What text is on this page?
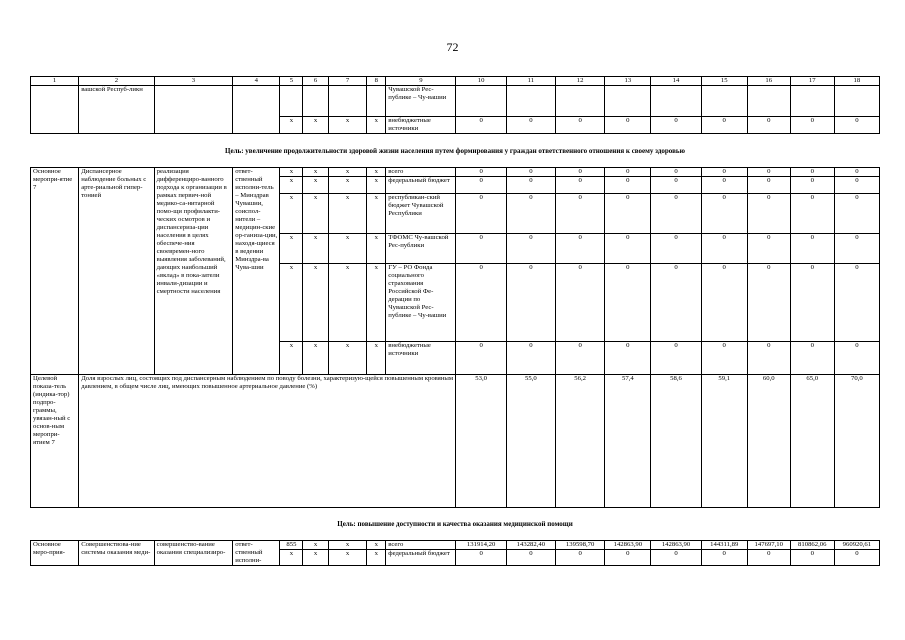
72
1	2	3	4	5	6	7	8	9	10	11	12	13	14	15	16	17	18
	вашской Респуб-ликн							Чувашской Рес-публике – Чу-вашии									
				x	x	x	x	внебюджетные источники	0	0	0	0	0	0	0	0	0
Цель: увеличение продолжительности здоровой жизни населения путем формирования у граждан ответственного отношения к своему здоровью																	
Основное меропри-ятие 7	Диспансерное наблюдение больных с арте-риальной гипер-тонией	реализация дифференциро-ванного подхода к организации в рамках первич-ной медико-са-нитарной помо-щи профилакти-ческих осмотров и диспансериза-ции населения в целях обеспече-ния своевремен-ного выявления заболеваний, дающих наибольший «вклад» в пока-затели инвали-дизации и смертности населения	ответ-ственный исполни-тель – Минздрав Чувашии, соиспол-нители – медицин-ские ор-ганиза-ции, находя-щиеся в ведении Минздра-ва Чува-шии	x	x	x	x	всего	0	0	0	0	0	0	0	0	0
				x	x	x	x	федеральный бюджет	0	0	0	0	0	0	0	0	0
				x	x	x	x	республикан-ский бюджет Чувашской Республики	0	0	0	0	0	0	0	0	0
				x	x	x	x	ТФОМС Чу-вашской Рес-публики	0	0	0	0	0	0	0	0	0
				x	x	x	x	ГУ – РО Фонда социального страхования Российской Фе-дерации по Чувашской Рес-публике – Чу-вашии	0	0	0	0	0	0	0	0	0
				x	x	x	x	внебюджетные источники	0	0	0	0	0	0	0	0	0
Целевой показа-тель (индика-тор) подпро-граммы, увязан-ный с основ-ным меропри-ятием 7	Доля взрослых лиц, состоящих под диспансерным наблюдением по поводу болезни, характеризую-щейся повышенным кровяным давлением, в общем числе лиц, имеющих повышенное артериальное давление (%)								53,0	55,0	56,2	57,4	58,6	59,1	60,0	65,0	70,0
Цель: повышение доступности и качества оказания медицинской помощи																	
Основное меро-прия-	Совершенствова-ние системы оказания меди-	совершенство-вание оказания специализиро-	ответ-ственный исполни-	855	x	x	x	всего	131914,20	143282,40	139598,70	142863,90	142863,90	144311,89	147697,10	810862,06	960920,61
				x	x	x	x	федеральный бюджет	0	0	0	0	0	0	0	0	0
